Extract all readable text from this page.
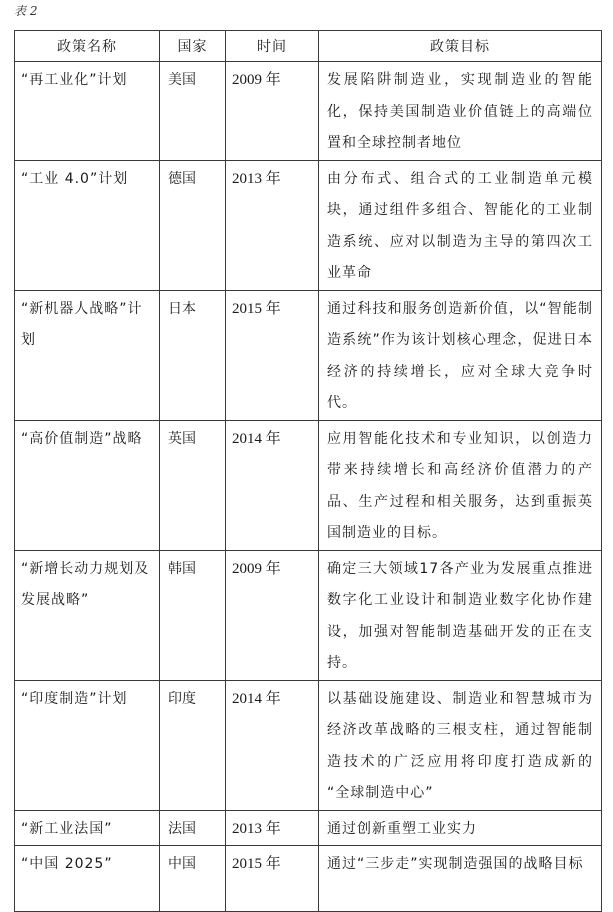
表 2
政策名称	国家	时间	政策目标

“再工业化”计划	美国	2009 年	发展陷阱制造业，实现制造业的智能化，保持美国制造业价值链上的高端位置和全球控制者地位

“工业 4.0”计划	德国	2013 年	由分布式、组合式的工业制造单元模块，通过组件多组合、智能化的工业制造系统、应对以制造为主导的第四次工业革命

“新机器人战略”计划	日本	2015 年	通过科技和服务创造新价值，以“智能制造系统”作为该计划核心理念，促进日本经济的持续增长，应对全球大竞争时代。

“高价值制造”战略	英国	2014 年	应用智能化技术和专业知识，以创造力带来持续增长和高经济价值潜力的产品、生产过程和相关服务，达到重振英国制造业的目标。

“新增长动力规划及发展战略”	韩国	2009 年	确定三大领域17各产业为发展重点推进数字化工业设计和制造业数字化协作建设，加强对智能制造基础开发的正在支持。

“印度制造”计划	印度	2014 年	以基础设施建设、制造业和智慧城市为经济改革战略的三根支柱，通过智能制造技术的广泛应用将印度打造成新的 “全球制造中心”

“新工业法国”	法国	2013 年	通过创新重塑工业实力

“中国 2025”	中国	2015 年	通过“三步走”实现制造强国的战略目标
